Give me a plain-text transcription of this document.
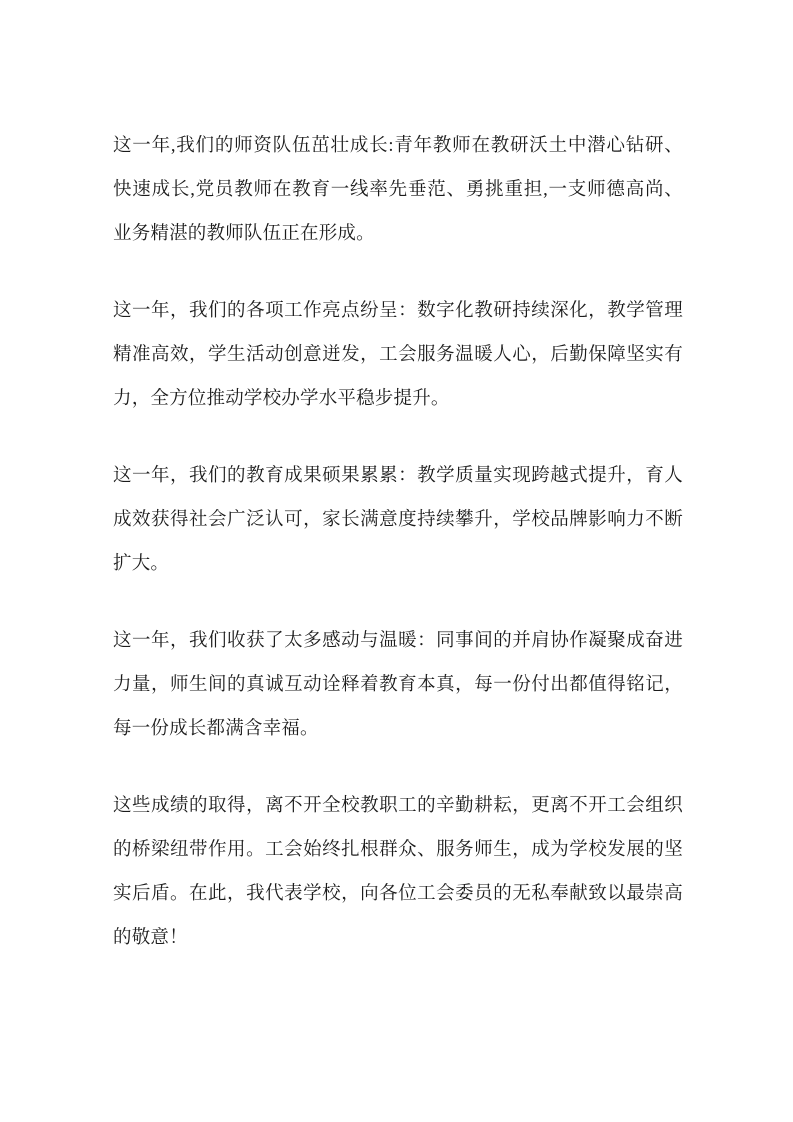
这一年,我们的师资队伍茁壮成长:青年教师在教研沃土中潜心钻研、快速成长,党员教师在教育一线率先垂范、勇挑重担,一支师德高尚、业务精湛的教师队伍正在形成。

这一年，我们的各项工作亮点纷呈：数字化教研持续深化，教学管理精准高效，学生活动创意迸发，工会服务温暖人心，后勤保障坚实有力，全方位推动学校办学水平稳步提升。

这一年，我们的教育成果硕果累累：教学质量实现跨越式提升，育人成效获得社会广泛认可，家长满意度持续攀升，学校品牌影响力不断扩大。

这一年，我们收获了太多感动与温暖：同事间的并肩协作凝聚成奋进力量，师生间的真诚互动诠释着教育本真，每一份付出都值得铭记，每一份成长都满含幸福。

这些成绩的取得，离不开全校教职工的辛勤耕耘，更离不开工会组织的桥梁纽带作用。工会始终扎根群众、服务师生，成为学校发展的坚实后盾。在此，我代表学校，向各位工会委员的无私奉献致以最崇高的敬意！
